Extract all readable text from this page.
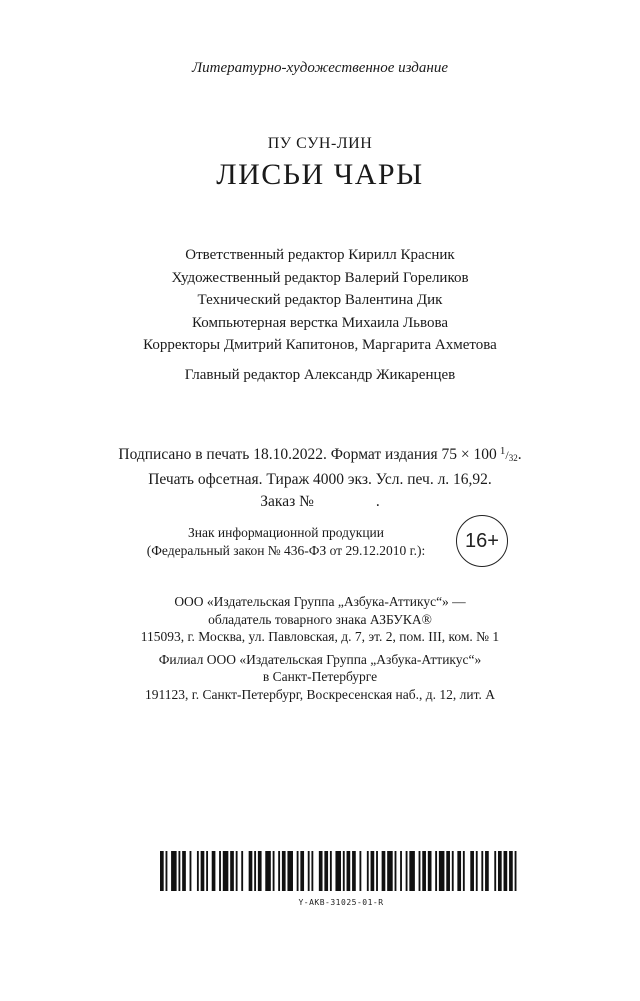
Литературно-художественное издание
ПУ СУН-ЛИН
ЛИСЬИ ЧАРЫ
Ответственный редактор Кирилл Красник
Художественный редактор Валерий Гореликов
Технический редактор Валентина Дик
Компьютерная верстка Михаила Львова
Корректоры Дмитрий Капитонов, Маргарита Ахметова
Главный редактор Александр Жикаренцев
Подписано в печать 18.10.2022. Формат издания 75 × 100  $^1$/32.
Печать офсетная. Тираж 4000 экз. Усл. печ. л. 16,92.
Заказ №	.
Знак информационной продукции
(Федеральный закон № 436-ФЗ от 29.12.2010 г.):	16+
ООО «Издательская Группа „Азбука-Аттикус“» —
обладатель товарного знака АЗБУКА®
115093, г. Москва, ул. Павловская, д. 7, эт. 2, пом. III, ком. № 1
Филиал ООО «Издательская Группа „Азбука-Аттикус“»
в Санкт-Петербурге
191123, г. Санкт-Петербург, Воскресенская наб., д. 12, лит. А
Y-AKB-31025-01-R
